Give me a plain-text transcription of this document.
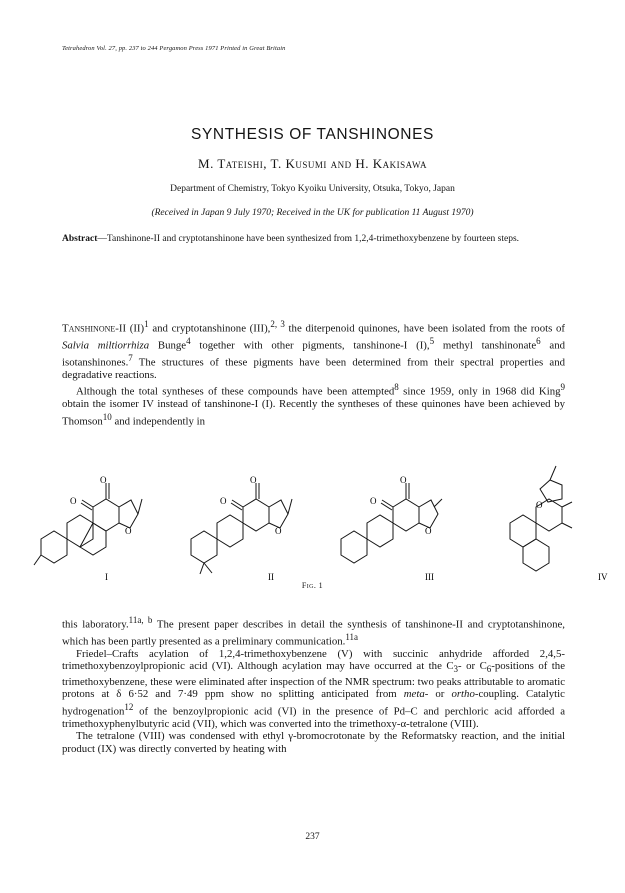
Tetrahedron Vol. 27, pp. 237 to 244 Pergamon Press 1971 Printed in Great Britain
SYNTHESIS OF TANSHINONES
M. Tateishi, T. Kusumi and H. Kakisawa
Department of Chemistry, Tokyo Kyoiku University, Otsuka, Tokyo, Japan
(Received in Japan 9 July 1970; Received in the UK for publication 11 August 1970)
Abstract—Tanshinone-II and cryptotanshinone have been synthesized from 1,2,4-trimethoxybenzene by fourteen steps.

Tanshinone-II (II)$^1$ and cryptotanshinone (III),$^{2, 3}$ the diterpenoid quinones, have been isolated from the roots of Salvia miltiorrhiza Bunge$^4$ together with other pigments, tanshinone-I (I),$^5$ methyl tanshinonate$^6$ and isotanshinones.$^7$ The structures of these pigments have been determined from their spectral properties and degradative reactions.

Although the total syntheses of these compounds have been attempted$^8$ since 1959, only in 1968 did King$^9$ obtain the isomer IV instead of tanshinone-I (I). Recently the syntheses of these quinones have been achieved by Thomson$^{10}$ and independently in

O
O
O
I
O
O
O
II
O
O
O
III
O
IV
Fig. 1

this laboratory.$^{11a, b}$ The present paper describes in detail the synthesis of tanshinone-II and cryptotanshinone, which has been partly presented as a preliminary communication.$^{11a}$

Friedel–Crafts acylation of 1,2,4-trimethoxybenzene (V) with succinic anhydride afforded 2,4,5-trimethoxybenzoylpropionic acid (VI). Although acylation may have occurred at the $C_3-$ or $C_6$-positions of the trimethoxybenzene, these were eliminated after inspection of the NMR spectrum: two peaks attributable to aromatic protons at δ 6·52 and 7·49 ppm show no splitting anticipated from meta- or ortho-coupling. Catalytic hydrogenation$^{12}$ of the benzoylpropionic acid (VI) in the presence of Pd–C and perchloric acid afforded a trimethoxyphenylbutyric acid (VII), which was converted into the trimethoxy-α-tetralone (VIII).

The tetralone (VIII) was condensed with ethyl γ-bromocrotonate by the Reformatsky reaction, and the initial product (IX) was directly converted by heating with

237
